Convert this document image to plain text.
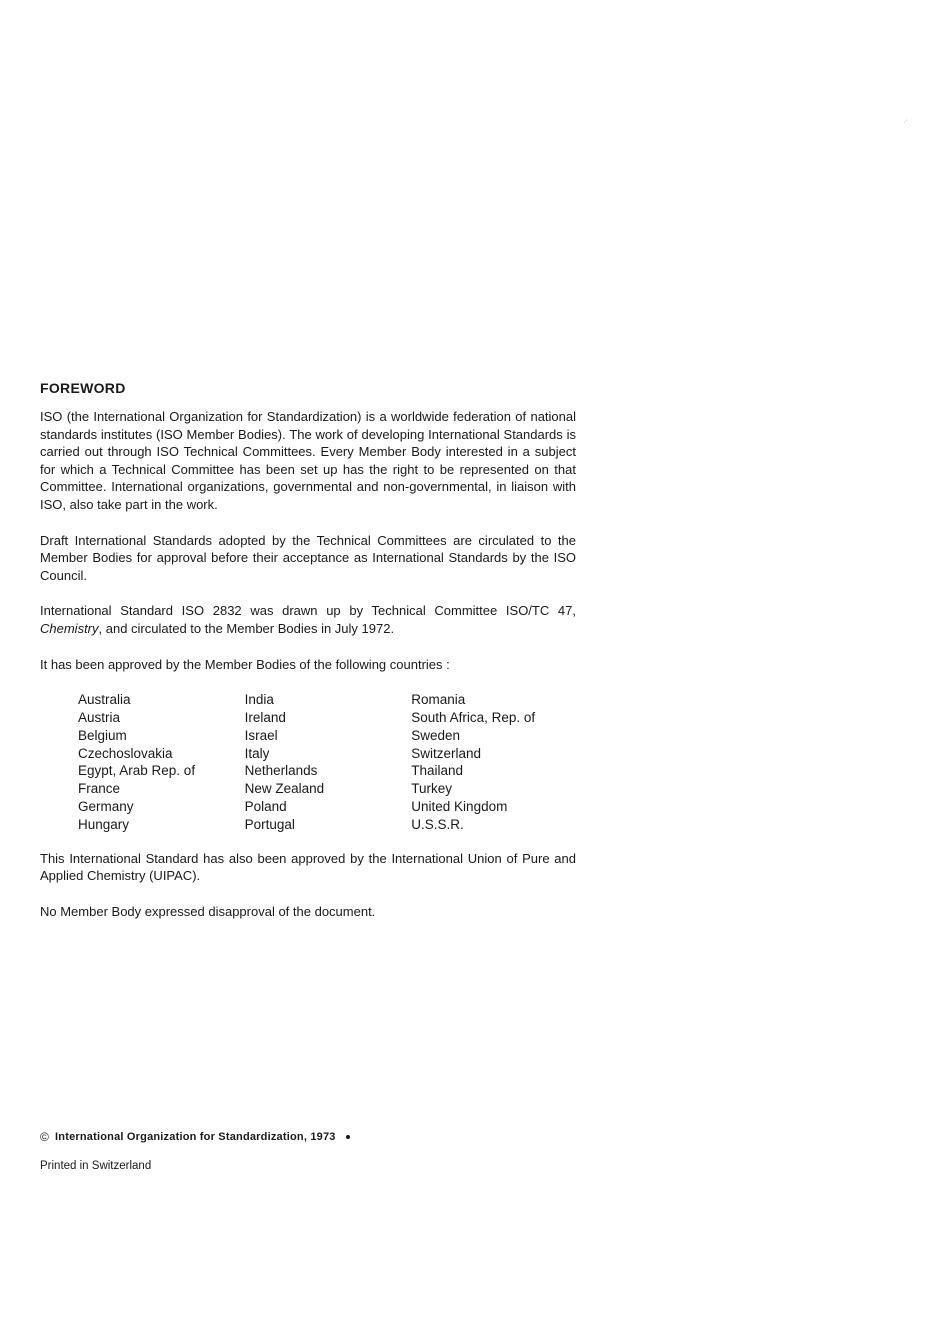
·ʻ
FOREWORD

ISO (the International Organization for Standardization) is a worldwide federation of national standards institutes (ISO Member Bodies). The work of developing International Standards is carried out through ISO Technical Committees. Every Member Body interested in a subject for which a Technical Committee has been set up has the right to be represented on that Committee. International organizations, governmental and non-governmental, in liaison with ISO, also take part in the work.

Draft International Standards adopted by the Technical Committees are circulated to the Member Bodies for approval before their acceptance as International Standards by the ISO Council.

International Standard ISO 2832 was drawn up by Technical Committee ISO/TC 47, Chemistry, and circulated to the Member Bodies in July 1972.

It has been approved by the Member Bodies of the following countries :

Australia
Austria
Belgium
Czechoslovakia
Egypt, Arab Rep. of
France
Germany
Hungary
India
Ireland
Israel
Italy
Netherlands
New Zealand
Poland
Portugal
Romania
South Africa, Rep. of
Sweden
Switzerland
Thailand
Turkey
United Kingdom
U.S.S.R.

This International Standard has also been approved by the International Union of Pure and Applied Chemistry (UIPAC).

No Member Body expressed disapproval of the document.

© International Organization for Standardization, 1973
Printed in Switzerland
